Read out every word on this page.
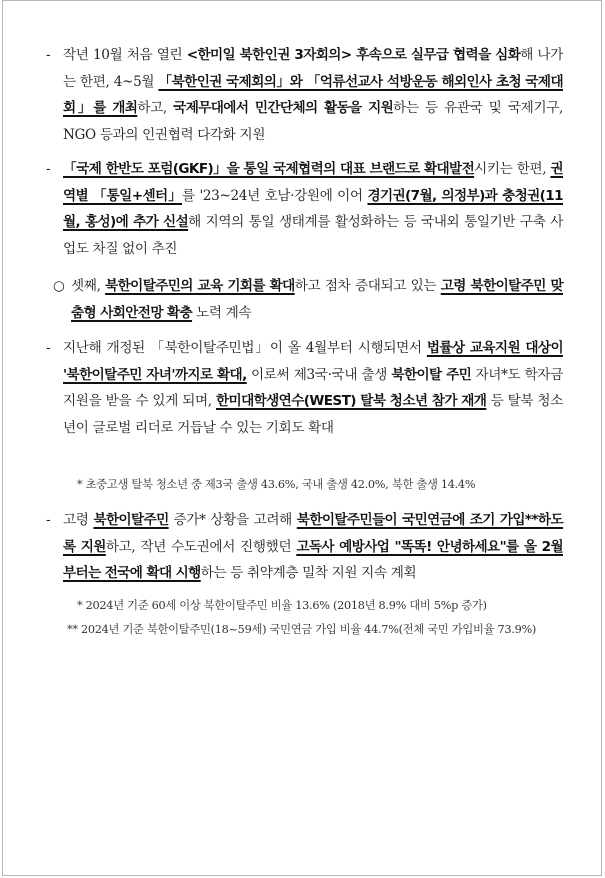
- 작년 10월 처음 열린 <한미일 북한인권 3자회의> 후속으로 실무급 협력을 심화해 나가는 한편, 4~5월 「북한인권 국제회의」와 「억류선교사 석방운동 해외인사 초청 국제대회」를 개최하고, 국제무대에서 민간단체의 활동을 지원하는 등 유관국 및 국제기구, NGO 등과의 인권협력 다각화 지원
- 「국제 한반도 포럼(GKF)」을 통일 국제협력의 대표 브랜드로 확대발전시키는 한편, 권역별 「통일+센터」를 '23~24년 호남·강원에 이어 경기권(7월, 의정부)과 충청권(11월, 홍성)에 추가 신설해 지역의 통일 생태계를 활성화하는 등 국내외 통일기반 구축 사업도 차질 없이 추진
○ 셋째, 북한이탈주민의 교육 기회를 확대하고 점차 증대되고 있는 고령 북한이탈주민 맞춤형 사회안전망 확충 노력 계속
- 지난해 개정된 「북한이탈주민법」이 올 4월부터 시행되면서 법률상 교육지원 대상이 '북한이탈주민 자녀'까지로 확대, 이로써 제3국·국내 출생 북한이탈 주민 자녀*도 학자금 지원을 받을 수 있게 되며, 한미대학생연수(WEST) 탈북 청소년 참가 재개 등 탈북 청소년이 글로벌 리더로 거듭날 수 있는 기회도 확대
* 초중고생 탈북 청소년 중 제3국 출생 43.6%, 국내 출생 42.0%, 북한 출생 14.4%
- 고령 북한이탈주민 증가* 상황을 고려해 북한이탈주민들이 국민연금에 조기 가입**하도록 지원하고, 작년 수도권에서 진행했던 고독사 예방사업 "똑똑! 안녕하세요"를 올 2월부터는 전국에 확대 시행하는 등 취약계층 밀착 지원 지속 계획
* 2024년 기준 60세 이상 북한이탈주민 비율 13.6% (2018년 8.9% 대비 5%p 증가)
** 2024년 기준 북한이탈주민(18~59세) 국민연금 가입 비율 44.7%(전체 국민 가입비율 73.9%)
